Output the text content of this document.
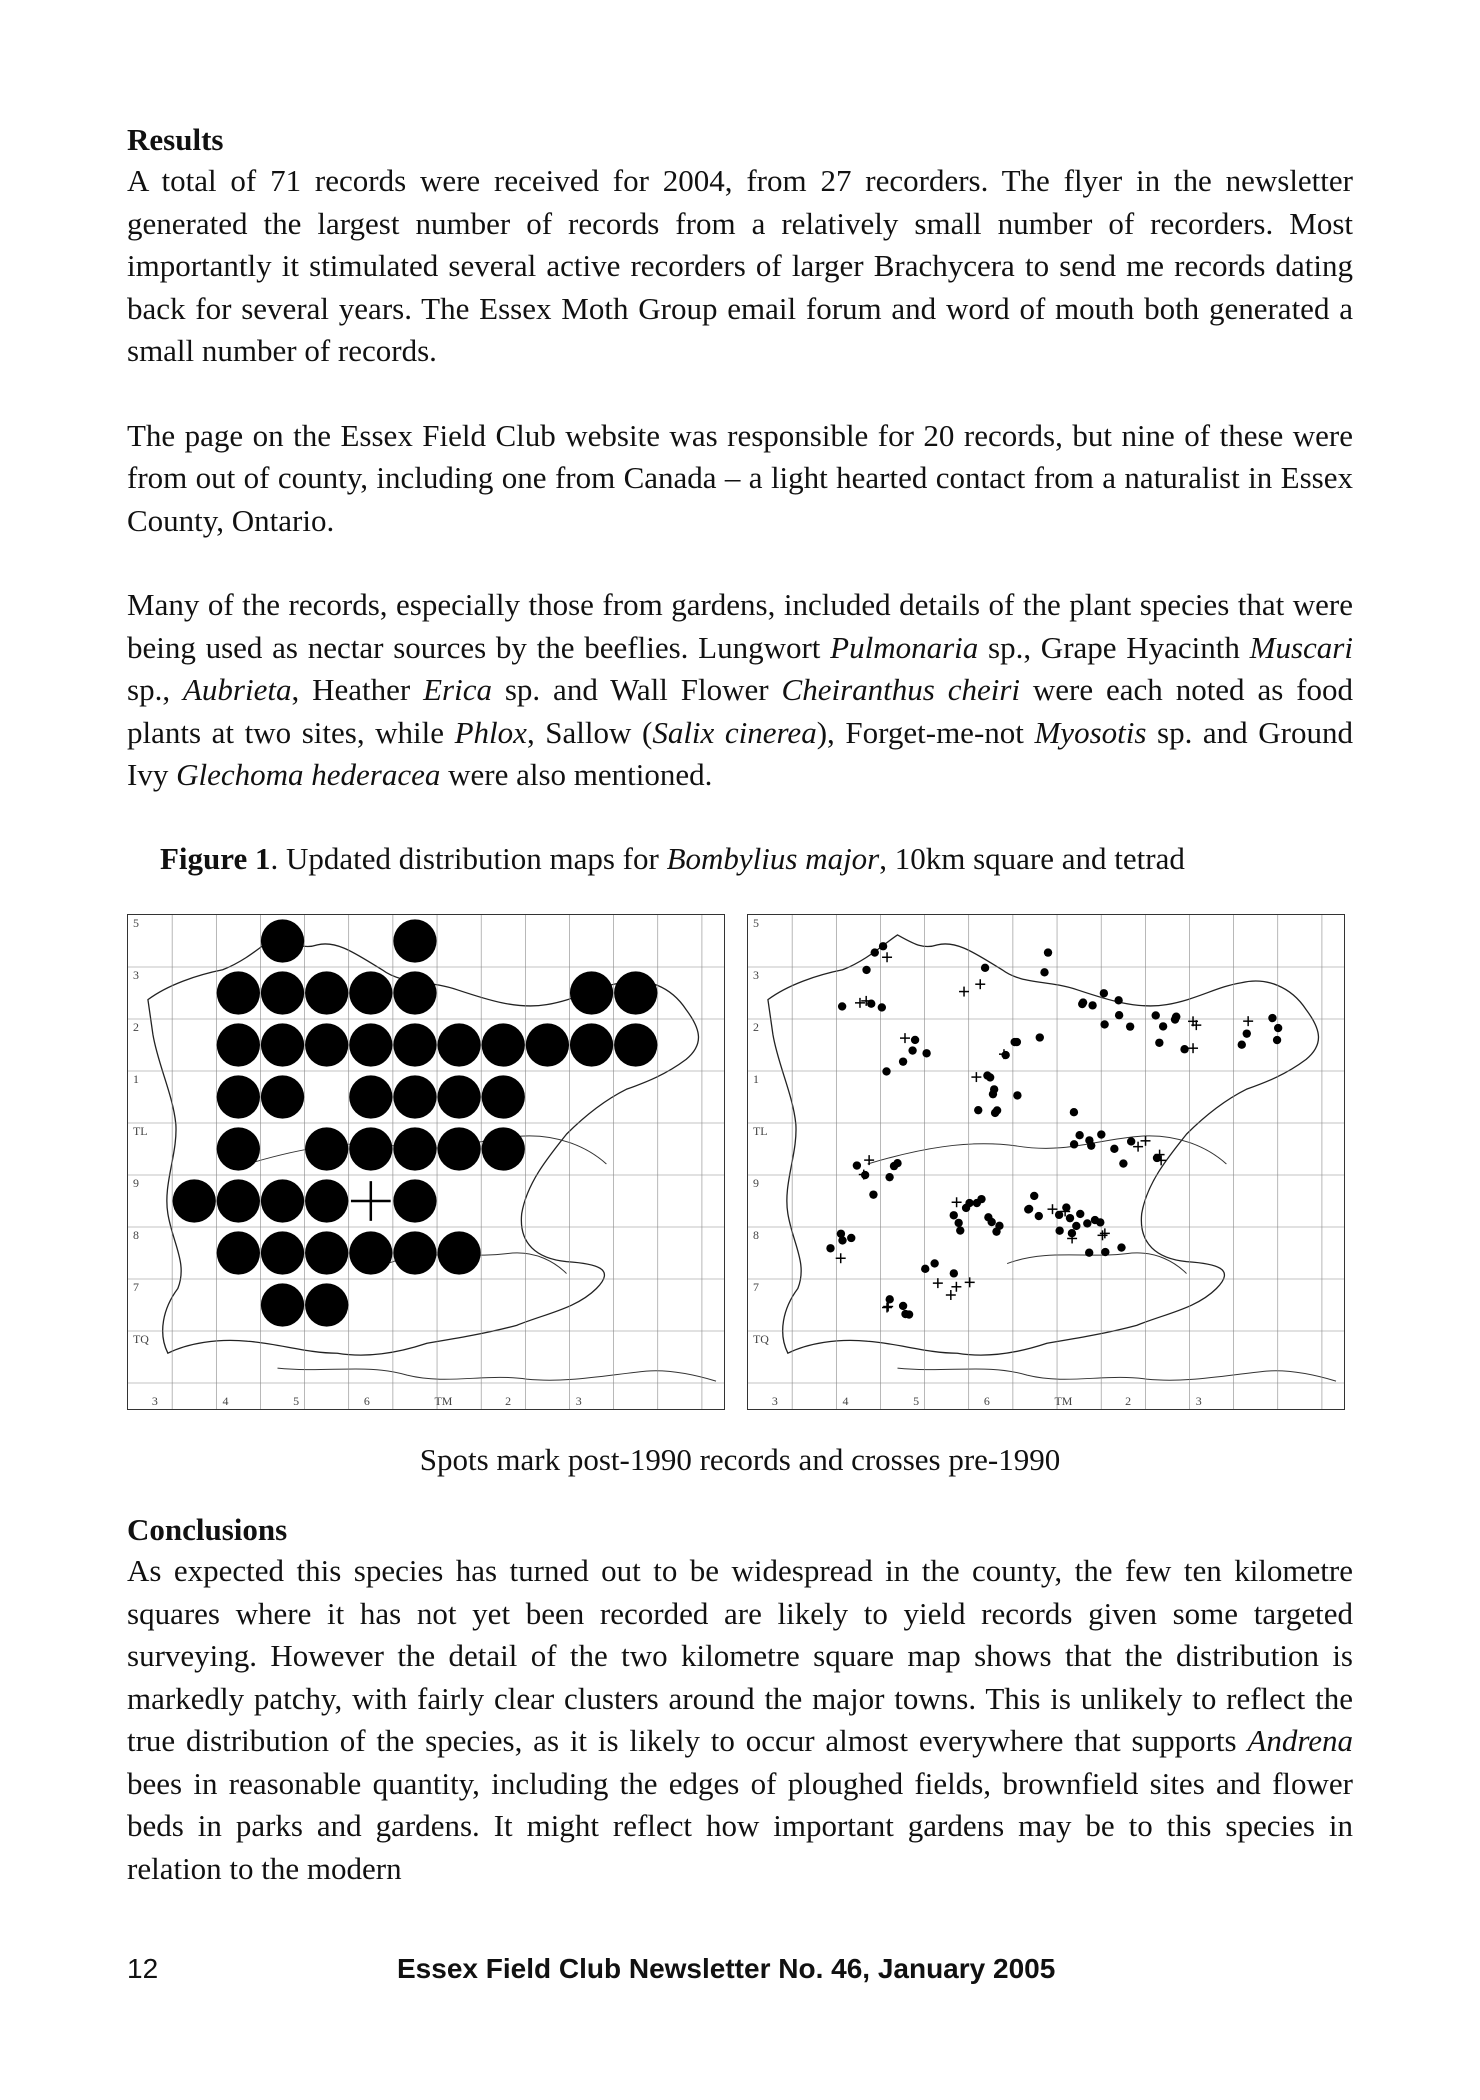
Results

A total of 71 records were received for 2004, from 27 recorders. The flyer in the newsletter generated the largest number of records from a relatively small number of recorders. Most importantly it stimulated several active recorders of larger Brachycera to send me records dating back for several years. The Essex Moth Group email forum and word of mouth both generated a small number of records.

The page on the Essex Field Club website was responsible for 20 records, but nine of these were from out of county, including one from Canada – a light hearted contact from a naturalist in Essex County, Ontario.

Many of the records, especially those from gardens, included details of the plant species that were being used as nectar sources by the beeflies. Lungwort Pulmonaria sp., Grape Hyacinth Muscari sp., Aubrieta, Heather Erica sp. and Wall Flower Cheiranthus cheiri were each noted as food plants at two sites, while Phlox, Sallow (Salix cinerea), Forget-me-not Myosotis sp. and Ground Ivy Glechoma hederacea were also mentioned.

Figure 1. Updated distribution maps for Bombylius major, 10km square and tetrad
5
3
2
1
TL
9
8
7
TQ
3	4	5	6	TM	2	3
5
3
2
1
TL
9
8
7
TQ
3	4	5	6	TM	2	3
Spots mark post-1990 records and crosses pre-1990
Conclusions

As expected this species has turned out to be widespread in the county, the few ten kilometre squares where it has not yet been recorded are likely to yield records given some targeted surveying. However the detail of the two kilometre square map shows that the distribution is markedly patchy, with fairly clear clusters around the major towns. This is unlikely to reflect the true distribution of the species, as it is likely to occur almost everywhere that supports Andrena bees in reasonable quantity, including the edges of ploughed fields, brownfield sites and flower beds in parks and gardens. It might reflect how important gardens may be to this species in relation to the modern

12	Essex Field Club Newsletter No. 46, January 2005
